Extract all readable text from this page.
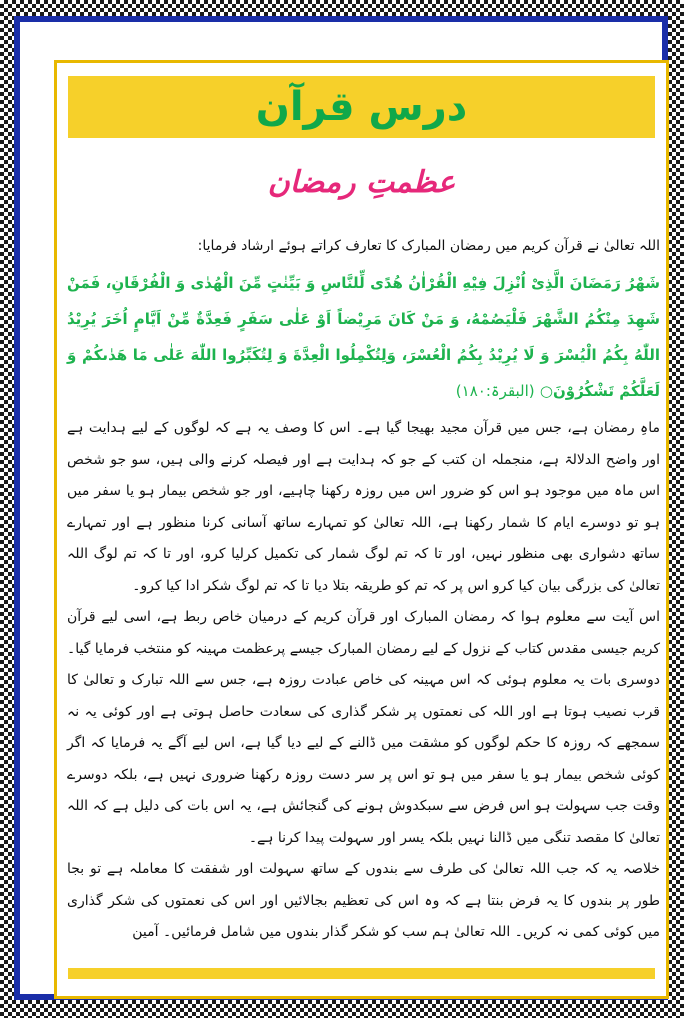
درس قرآن
عظمتِ رمضان

اللہ تعالیٰ نے قرآن کریم میں رمضان المبارک کا تعارف کراتے ہوئے ارشاد فرمایا:

شَهْرُ رَمَضَانَ الَّذِیْ اُنْزِلَ فِیْهِ الْقُرْاٰنُ هُدًی لِّلنَّاسِ وَ بَیِّنٰتٍ مِّنَ الْهُدٰی وَ الْفُرْقَانِ، فَمَنْ شَهِدَ مِنْكُمُ الشَّهْرَ فَلْیَصُمْهُ، وَ مَنْ كَانَ مَرِیْضاً اَوْ عَلٰی سَفَرٍ فَعِدَّةٌ مِّنْ اَیَّامٍ اُخَرَ یُرِیْدُ اللّٰهُ بِكُمُ الْیُسْرَ وَ لَا یُرِیْدُ بِكُمُ الْعُسْرَ، وَلِتُكْمِلُوا الْعِدَّةَ وَ لِتُكَبِّرُوا اللّٰهَ عَلٰی مَا هَدٰىكُمْ وَ لَعَلَّكُمْ تَشْكُرُوْنَ○ (البقرۃ:۱۸۰)

ماہِ رمضان ہے، جس میں قرآن مجید بھیجا گیا ہے۔ اس کا وصف یہ ہے کہ لوگوں کے لیے ہدایت ہے اور واضح الدلالۃ ہے، منجملہ ان کتب کے جو کہ ہدایت ہے اور فیصلہ کرنے والی ہیں، سو جو شخص اس ماہ میں موجود ہو اس کو ضرور اس میں روزہ رکھنا چاہیے، اور جو شخص بیمار ہو یا سفر میں ہو تو دوسرے ایام کا شمار رکھنا ہے، اللہ تعالیٰ کو تمہارے ساتھ آسانی کرنا منظور ہے اور تمہارے ساتھ دشواری بھی منظور نہیں، اور تا کہ تم لوگ شمار کی تکمیل کرلیا کرو، اور تا کہ تم لوگ اللہ تعالیٰ کی بزرگی بیان کیا کرو اس پر کہ تم کو طریقہ بتلا دیا تا کہ تم لوگ شکر ادا کیا کرو۔

اس آیت سے معلوم ہوا کہ رمضان المبارک اور قرآن کریم کے درمیان خاص ربط ہے، اسی لیے قرآن کریم جیسی مقدس کتاب کے نزول کے لیے رمضان المبارک جیسے پرعظمت مہینہ کو منتخب فرمایا گیا۔ دوسری بات یہ معلوم ہوئی کہ اس مہینہ کی خاص عبادت روزہ ہے، جس سے اللہ تبارک و تعالیٰ کا قرب نصیب ہوتا ہے اور اللہ کی نعمتوں پر شکر گذاری کی سعادت حاصل ہوتی ہے اور کوئی یہ نہ سمجھے کہ روزہ کا حکم لوگوں کو مشقت میں ڈالنے کے لیے دیا گیا ہے، اس لیے آگے یہ فرمایا کہ اگر کوئی شخص بیمار ہو یا سفر میں ہو تو اس پر سر دست روزہ رکھنا ضروری نہیں ہے، بلکہ دوسرے وقت جب سہولت ہو اس فرض سے سبکدوش ہونے کی گنجائش ہے، یہ اس بات کی دلیل ہے کہ اللہ تعالیٰ کا مقصد تنگی میں ڈالنا نہیں بلکہ یسر اور سہولت پیدا کرنا ہے۔

خلاصہ یہ کہ جب اللہ تعالیٰ کی طرف سے بندوں کے ساتھ سہولت اور شفقت کا معاملہ ہے تو بجا طور پر بندوں کا یہ فرض بنتا ہے کہ وہ اس کی تعظیم بجالائیں اور اس کی نعمتوں کی شکر گذاری میں کوئی کمی نہ کریں۔ اللہ تعالیٰ ہم سب کو شکر گذار بندوں میں شامل فرمائیں۔ آمین
